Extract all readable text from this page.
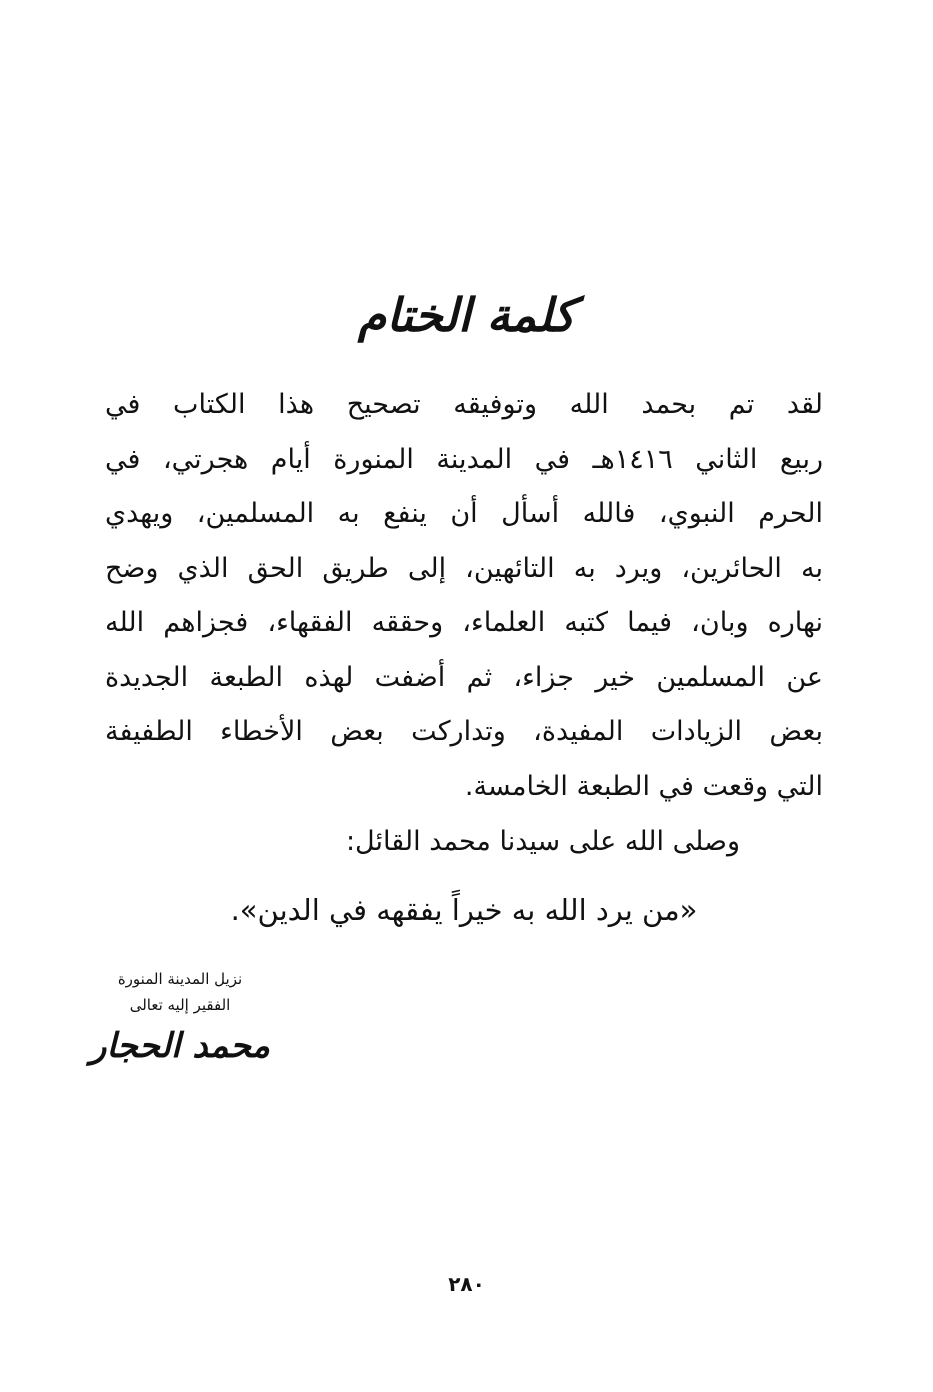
كلمة الختام
لقد تم بحمد الله وتوفيقه تصحيح هذا الكتاب في
ربيع الثاني ١٤١٦هـ في المدينة المنورة أيام هجرتي، في
الحرم النبوي، فالله أسأل أن ينفع به المسلمين، ويهدي
به الحائرين، ويرد به التائهين، إلى طريق الحق الذي وضح
نهاره وبان، فيما كتبه العلماء، وحققه الفقهاء، فجزاهم الله
عن المسلمين خير جزاء، ثم أضفت لهذه الطبعة الجديدة
بعض الزيادات المفيدة، وتداركت بعض الأخطاء الطفيفة
التي وقعت في الطبعة الخامسة.
وصلى الله على سيدنا محمد القائل:
«من يرد الله به خيراً يفقهه في الدين».
نزيل المدينة المنورة
الفقير إليه تعالى
محمد الحجار
٢٨٠
